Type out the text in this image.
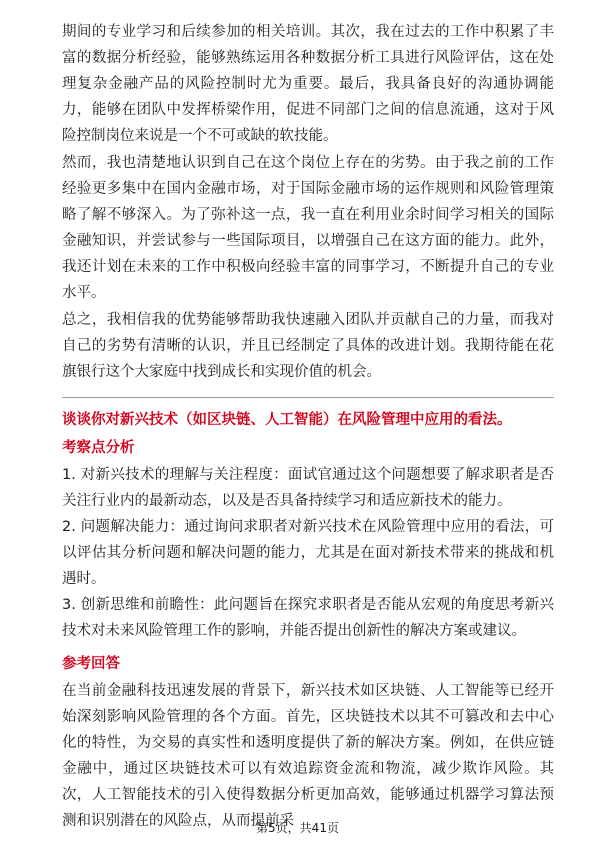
期间的专业学习和后续参加的相关培训。其次，我在过去的工作中积累了丰富的数据分析经验，能够熟练运用各种数据分析工具进行风险评估，这在处理复杂金融产品的风险控制时尤为重要。最后，我具备良好的沟通协调能力，能够在团队中发挥桥梁作用，促进不同部门之间的信息流通，这对于风险控制岗位来说是一个不可或缺的软技能。

然而，我也清楚地认识到自己在这个岗位上存在的劣势。由于我之前的工作经验更多集中在国内金融市场，对于国际金融市场的运作规则和风险管理策略了解不够深入。为了弥补这一点，我一直在利用业余时间学习相关的国际金融知识，并尝试参与一些国际项目，以增强自己在这方面的能力。此外，我还计划在未来的工作中积极向经验丰富的同事学习，不断提升自己的专业水平。

总之，我相信我的优势能够帮助我快速融入团队并贡献自己的力量，而我对自己的劣势有清晰的认识，并且已经制定了具体的改进计划。我期待能在花旗银行这个大家庭中找到成长和实现价值的机会。

谈谈你对新兴技术（如区块链、人工智能）在风险管理中应用的看法。

考察点分析

1. 对新兴技术的理解与关注程度：面试官通过这个问题想要了解求职者是否关注行业内的最新动态，以及是否具备持续学习和适应新技术的能力。

2. 问题解决能力：通过询问求职者对新兴技术在风险管理中应用的看法，可以评估其分析问题和解决问题的能力，尤其是在面对新技术带来的挑战和机遇时。

3. 创新思维和前瞻性：此问题旨在探究求职者是否能从宏观的角度思考新兴技术对未来风险管理工作的影响，并能否提出创新性的解决方案或建议。

参考回答

在当前金融科技迅速发展的背景下，新兴技术如区块链、人工智能等已经开始深刻影响风险管理的各个方面。首先，区块链技术以其不可篡改和去中心化的特性，为交易的真实性和透明度提供了新的解决方案。例如，在供应链金融中，通过区块链技术可以有效追踪资金流和物流，减少欺诈风险。其次，人工智能技术的引入使得数据分析更加高效，能够通过机器学习算法预测和识别潜在的风险点，从而提前采

第5页，共41页
